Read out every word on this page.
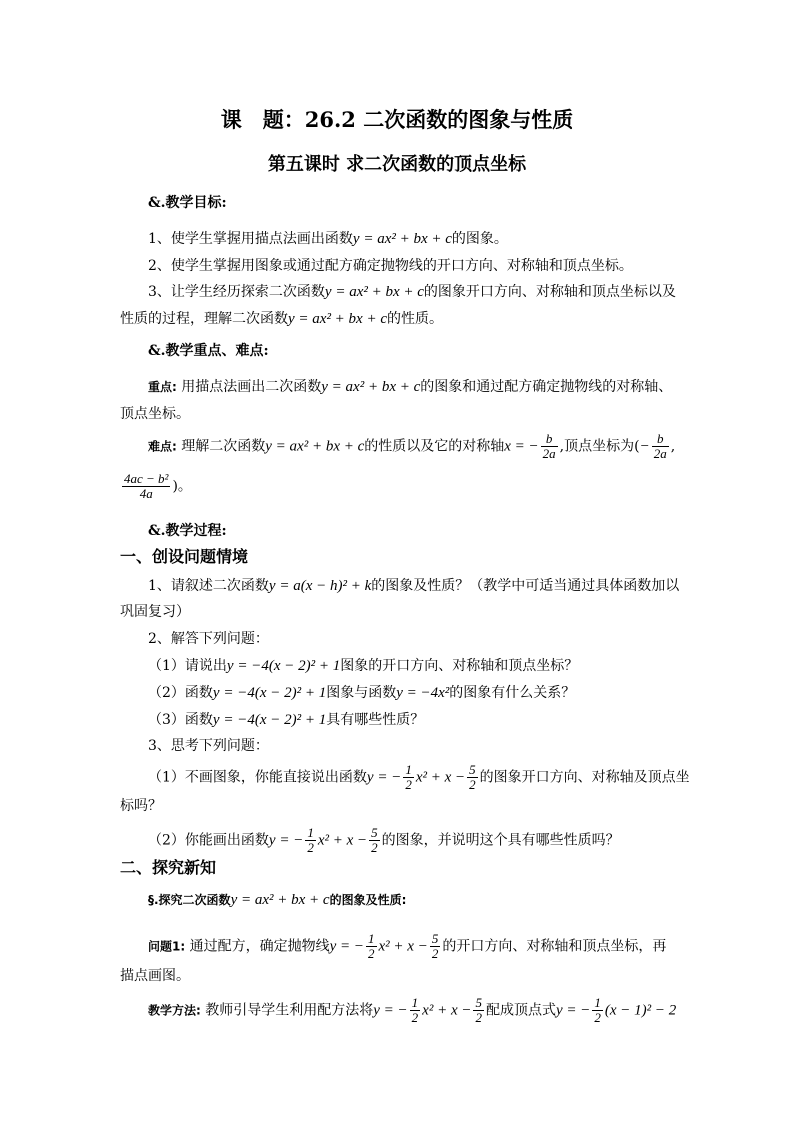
课　题：26.2 二次函数的图象与性质
第五课时 求二次函数的顶点坐标
&.教学目标:
1、使学生掌握用描点法画出函数y = ax² + bx + c的图象。
2、使学生掌握用图象或通过配方确定抛物线的开口方向、对称轴和顶点坐标。
3、让学生经历探索二次函数y = ax² + bx + c的图象开口方向、对称轴和顶点坐标以及
性质的过程，理解二次函数y = ax² + bx + c的性质。
&.教学重点、难点:
重点: 用描点法画出二次函数y = ax² + bx + c的图象和通过配方确定抛物线的对称轴、
顶点坐标。
难点: 理解二次函数y = ax² + bx + c的性质以及它的对称轴x = − $\frac{b}{2a}$ ,顶点坐标为(− $\frac{b}{2a}$ ,
$\frac{\text{4ac − b²}}{4a}$ )。
&.教学过程:
一、创设问题情境
1、请叙述二次函数y = a(x − h)² + k的图象及性质？（教学中可适当通过具体函数加以
巩固复习）
2、解答下列问题：
（1）请说出y = −4(x − 2)² + 1图象的开口方向、对称轴和顶点坐标？
（2）函数y = −4(x − 2)² + 1图象与函数y = −4x²的图象有什么关系？
（3）函数y = −4(x − 2)² + 1具有哪些性质？
3、思考下列问题：
（1）不画图象，你能直接说出函数y = − $\frac{1}{2} x^2 + x - \frac{5}{2}$ 的图象开口方向、对称轴及顶点坐
标吗？
（2）你能画出函数y = − $\frac{1}{2} x^2 + x - \frac{5}{2}$ 的图象，并说明这个具有哪些性质吗？
二、探究新知
§.探究二次函数y = ax² + bx + c的图象及性质:
问题1: 通过配方，确定抛物线y = − $\frac{1}{2} x^2 + x - \frac{5}{2}$ 的开口方向、对称轴和顶点坐标，再
描点画图。
教学方法: 教师引导学生利用配方法将y = − $\frac{1}{2} x^2 + x - \frac{5}{2}$ 配成顶点式y = − $\frac{1}{2} (x - 1)^2 - 2$
